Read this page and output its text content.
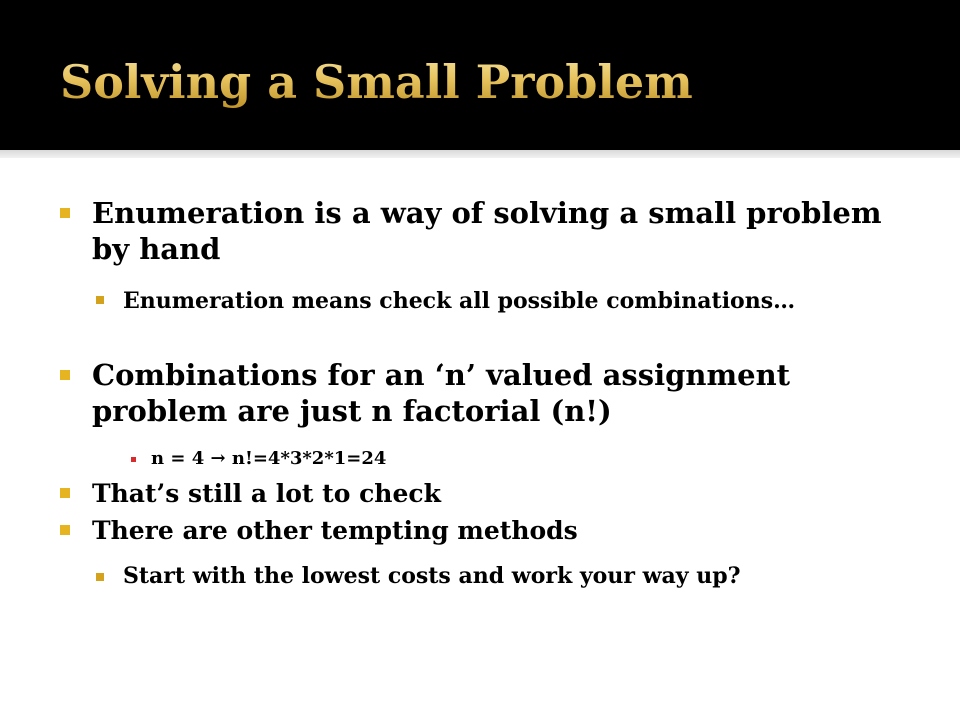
Solving a Small Problem
Enumeration is a way of solving a small problem by hand
Enumeration means check all possible combinations…
Combinations for an ‘n’ valued assignment problem are just n factorial (n!)
n = 4 → n!=4*3*2*1=24
That’s still a lot to check
There are other tempting methods
Start with the lowest costs and work your way up?
